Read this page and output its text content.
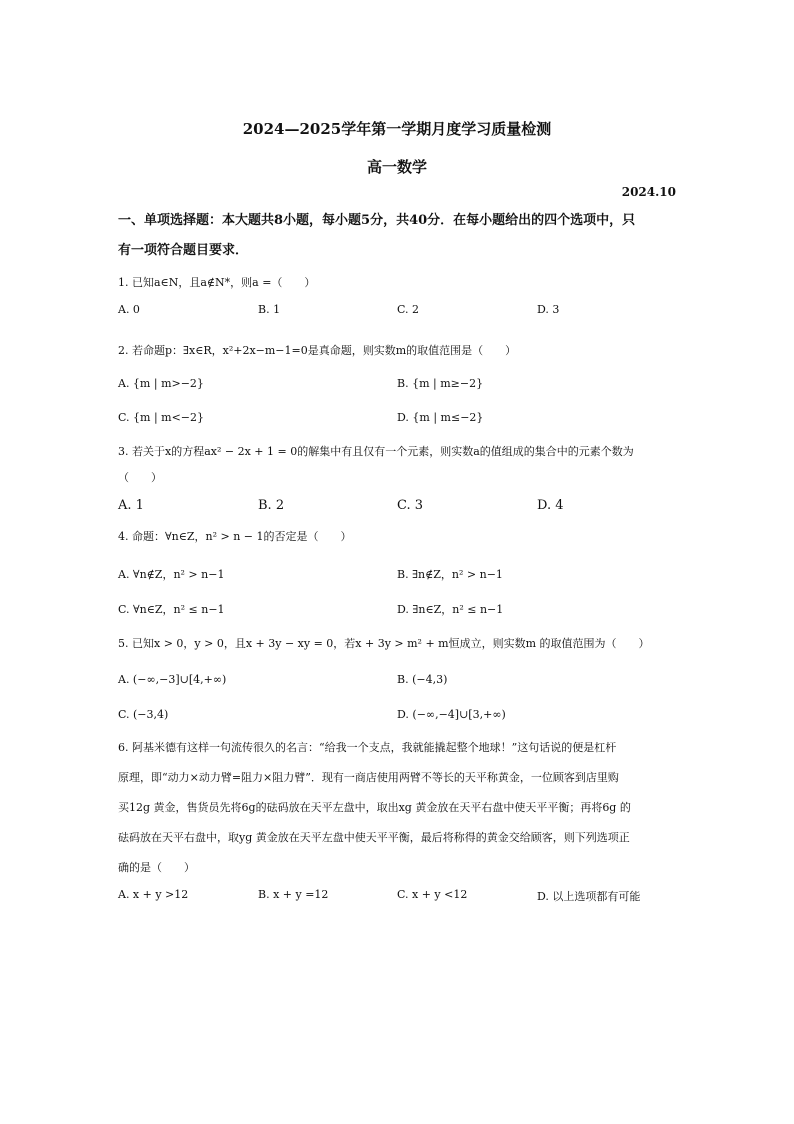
2024—2025学年第一学期月度学习质量检测
高一数学
2024.10
一、单项选择题：本大题共8小题，每小题5分，共40分．在每小题给出的四个选项中，只
有一项符合题目要求．
1. 已知a∈N，且a∉N*，则a =（　　）
A. 0	B. 1	C. 2	D. 3
2. 若命题p：∃x∈R，x²+2x−m−1=0是真命题，则实数m的取值范围是（　　）
A. {m | m>−2}	B. {m | m≥−2}
C. {m | m<−2}	D. {m | m≤−2}
3. 若关于x的方程ax² − 2x + 1 = 0的解集中有且仅有一个元素，则实数a的值组成的集合中的元素个数为
（　　）
A. 1	B. 2	C. 3	D. 4
4. 命题：∀n∈Z，n² > n − 1的否定是（　　）
A. ∀n∉Z，n² > n−1	B. ∃n∉Z，n² > n−1
C. ∀n∈Z，n² ≤ n−1	D. ∃n∈Z，n² ≤ n−1
5. 已知x > 0，y > 0，且x + 3y − xy = 0，若x + 3y > m² + m恒成立，则实数m 的取值范围为（　　）
A. (−∞,−3]∪[4,+∞)	B. (−4,3)
C. (−3,4)	D. (−∞,−4]∪[3,+∞)
6. 阿基米德有这样一句流传很久的名言：“给我一个支点，我就能撬起整个地球！”这句话说的便是杠杆
原理，即“动力×动力臂=阻力×阻力臂”．现有一商店使用两臂不等长的天平称黄金，一位顾客到店里购
买12g 黄金，售货员先将6g的砝码放在天平左盘中，取出xg 黄金放在天平右盘中使天平平衡；再将6g 的
砝码放在天平右盘中，取yg 黄金放在天平左盘中使天平平衡，最后将称得的黄金交给顾客，则下列选项正
确的是（　　）
A. x + y >12	B. x + y =12	C. x + y <12	D. 以上选项都有可能
